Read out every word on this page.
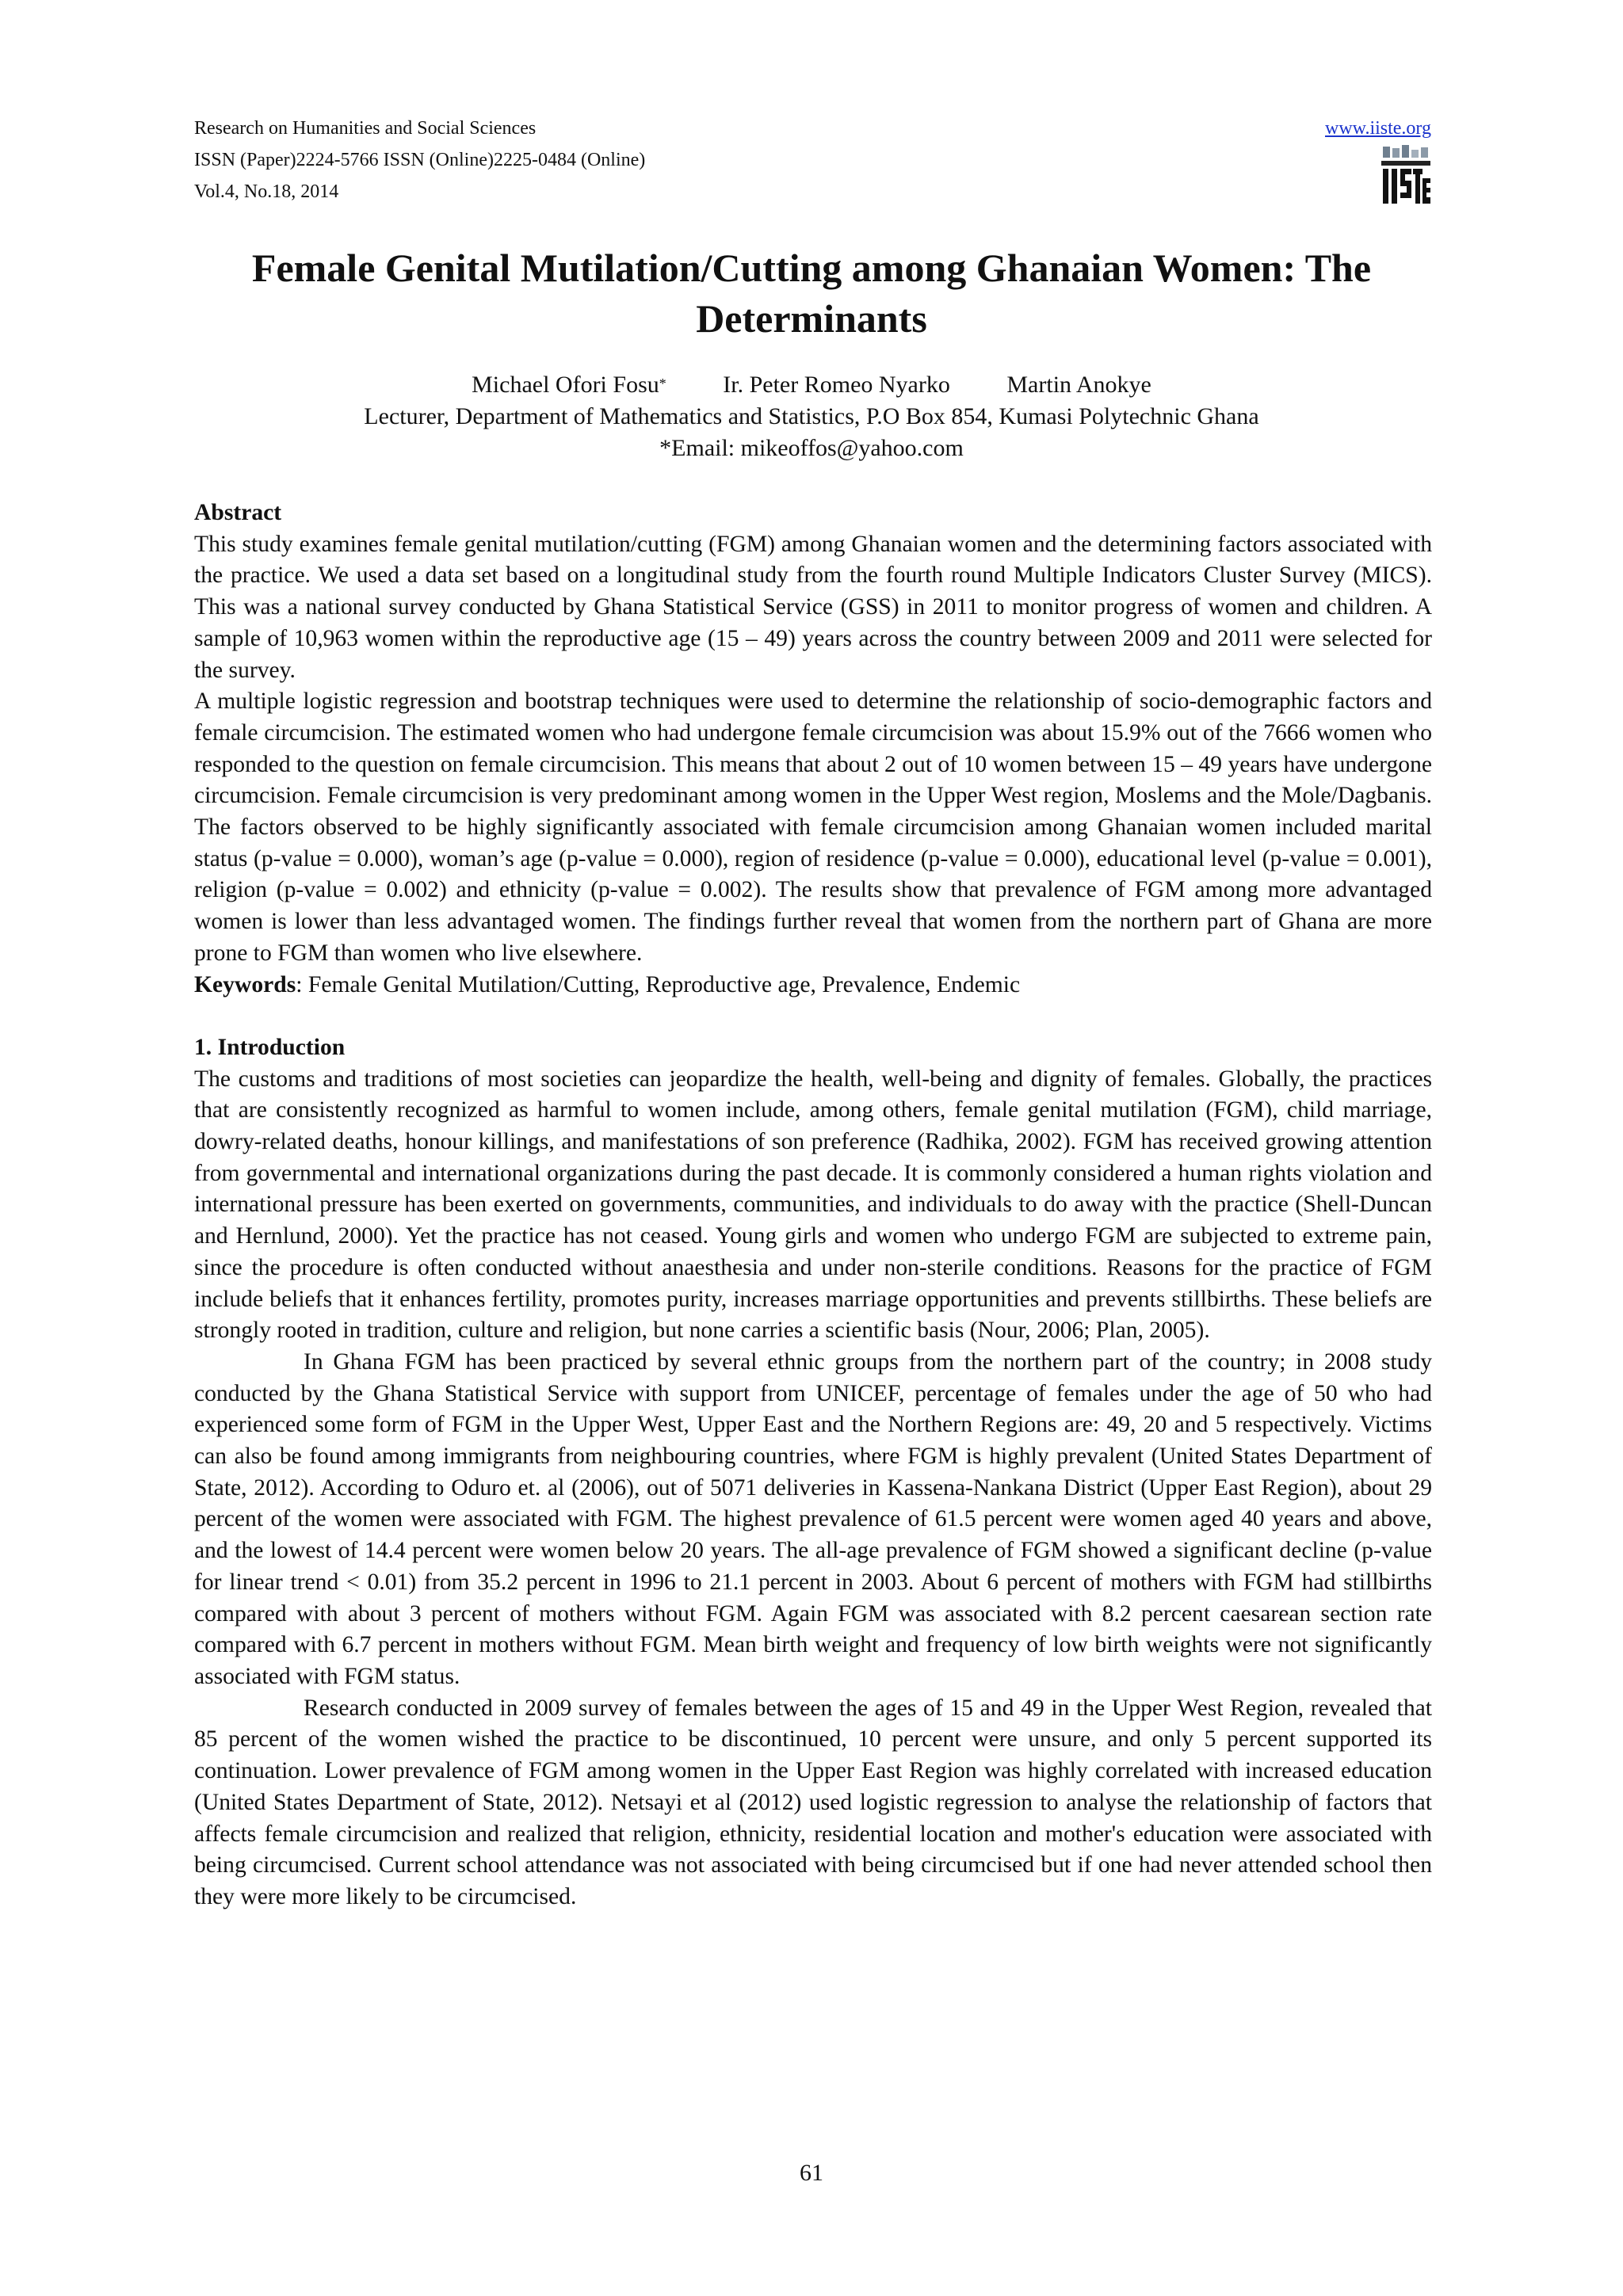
Research on Humanities and Social Sciences
ISSN (Paper)2224-5766 ISSN (Online)2225-0484 (Online)
Vol.4, No.18, 2014
www.iiste.org
Female Genital Mutilation/Cutting among Ghanaian Women: The Determinants
Michael Ofori Fosu* Ir. Peter Romeo Nyarko Martin Anokye
Lecturer, Department of Mathematics and Statistics, P.O Box 854, Kumasi Polytechnic Ghana
*Email: mikeoffos@yahoo.com

Abstract

This study examines female genital mutilation/cutting (FGM) among Ghanaian women and the determining factors associated with the practice. We used a data set based on a longitudinal study from the fourth round Multiple Indicators Cluster Survey (MICS). This was a national survey conducted by Ghana Statistical Service (GSS) in 2011 to monitor progress of women and children. A sample of 10,963 women within the reproductive age (15 – 49) years across the country between 2009 and 2011 were selected for the survey.

A multiple logistic regression and bootstrap techniques were used to determine the relationship of socio-demographic factors and female circumcision. The estimated women who had undergone female circumcision was about 15.9% out of the 7666 women who responded to the question on female circumcision. This means that about 2 out of 10 women between 15 – 49 years have undergone circumcision. Female circumcision is very predominant among women in the Upper West region, Moslems and the Mole/Dagbanis. The factors observed to be highly significantly associated with female circumcision among Ghanaian women included marital status (p-value = 0.000), woman’s age (p-value = 0.000), region of residence (p-value = 0.000), educational level (p-value = 0.001), religion (p-value = 0.002) and ethnicity (p-value = 0.002). The results show that prevalence of FGM among more advantaged women is lower than less advantaged women. The findings further reveal that women from the northern part of Ghana are more prone to FGM than women who live elsewhere.

Keywords: Female Genital Mutilation/Cutting, Reproductive age, Prevalence, Endemic

1. Introduction

The customs and traditions of most societies can jeopardize the health, well-being and dignity of females. Globally, the practices that are consistently recognized as harmful to women include, among others, female genital mutilation (FGM), child marriage, dowry-related deaths, honour killings, and manifestations of son preference (Radhika, 2002). FGM has received growing attention from governmental and international organizations during the past decade. It is commonly considered a human rights violation and international pressure has been exerted on governments, communities, and individuals to do away with the practice (Shell-Duncan and Hernlund, 2000). Yet the practice has not ceased. Young girls and women who undergo FGM are subjected to extreme pain, since the procedure is often conducted without anaesthesia and under non-sterile conditions. Reasons for the practice of FGM include beliefs that it enhances fertility, promotes purity, increases marriage opportunities and prevents stillbirths. These beliefs are strongly rooted in tradition, culture and religion, but none carries a scientific basis (Nour, 2006; Plan, 2005).

In Ghana FGM has been practiced by several ethnic groups from the northern part of the country; in 2008 study conducted by the Ghana Statistical Service with support from UNICEF, percentage of females under the age of 50 who had experienced some form of FGM in the Upper West, Upper East and the Northern Regions are: 49, 20 and 5 respectively. Victims can also be found among immigrants from neighbouring countries, where FGM is highly prevalent (United States Department of State, 2012). According to Oduro et. al (2006), out of 5071 deliveries in Kassena-Nankana District (Upper East Region), about 29 percent of the women were associated with FGM. The highest prevalence of 61.5 percent were women aged 40 years and above, and the lowest of 14.4 percent were women below 20 years. The all-age prevalence of FGM showed a significant decline (p-value for linear trend < 0.01) from 35.2 percent in 1996 to 21.1 percent in 2003. About 6 percent of mothers with FGM had stillbirths compared with about 3 percent of mothers without FGM. Again FGM was associated with 8.2 percent caesarean section rate compared with 6.7 percent in mothers without FGM. Mean birth weight and frequency of low birth weights were not significantly associated with FGM status.

Research conducted in 2009 survey of females between the ages of 15 and 49 in the Upper West Region, revealed that 85 percent of the women wished the practice to be discontinued, 10 percent were unsure, and only 5 percent supported its continuation. Lower prevalence of FGM among women in the Upper East Region was highly correlated with increased education (United States Department of State, 2012). Netsayi et al (2012) used logistic regression to analyse the relationship of factors that affects female circumcision and realized that religion, ethnicity, residential location and mother's education were associated with being circumcised. Current school attendance was not associated with being circumcised but if one had never attended school then they were more likely to be circumcised.

61
